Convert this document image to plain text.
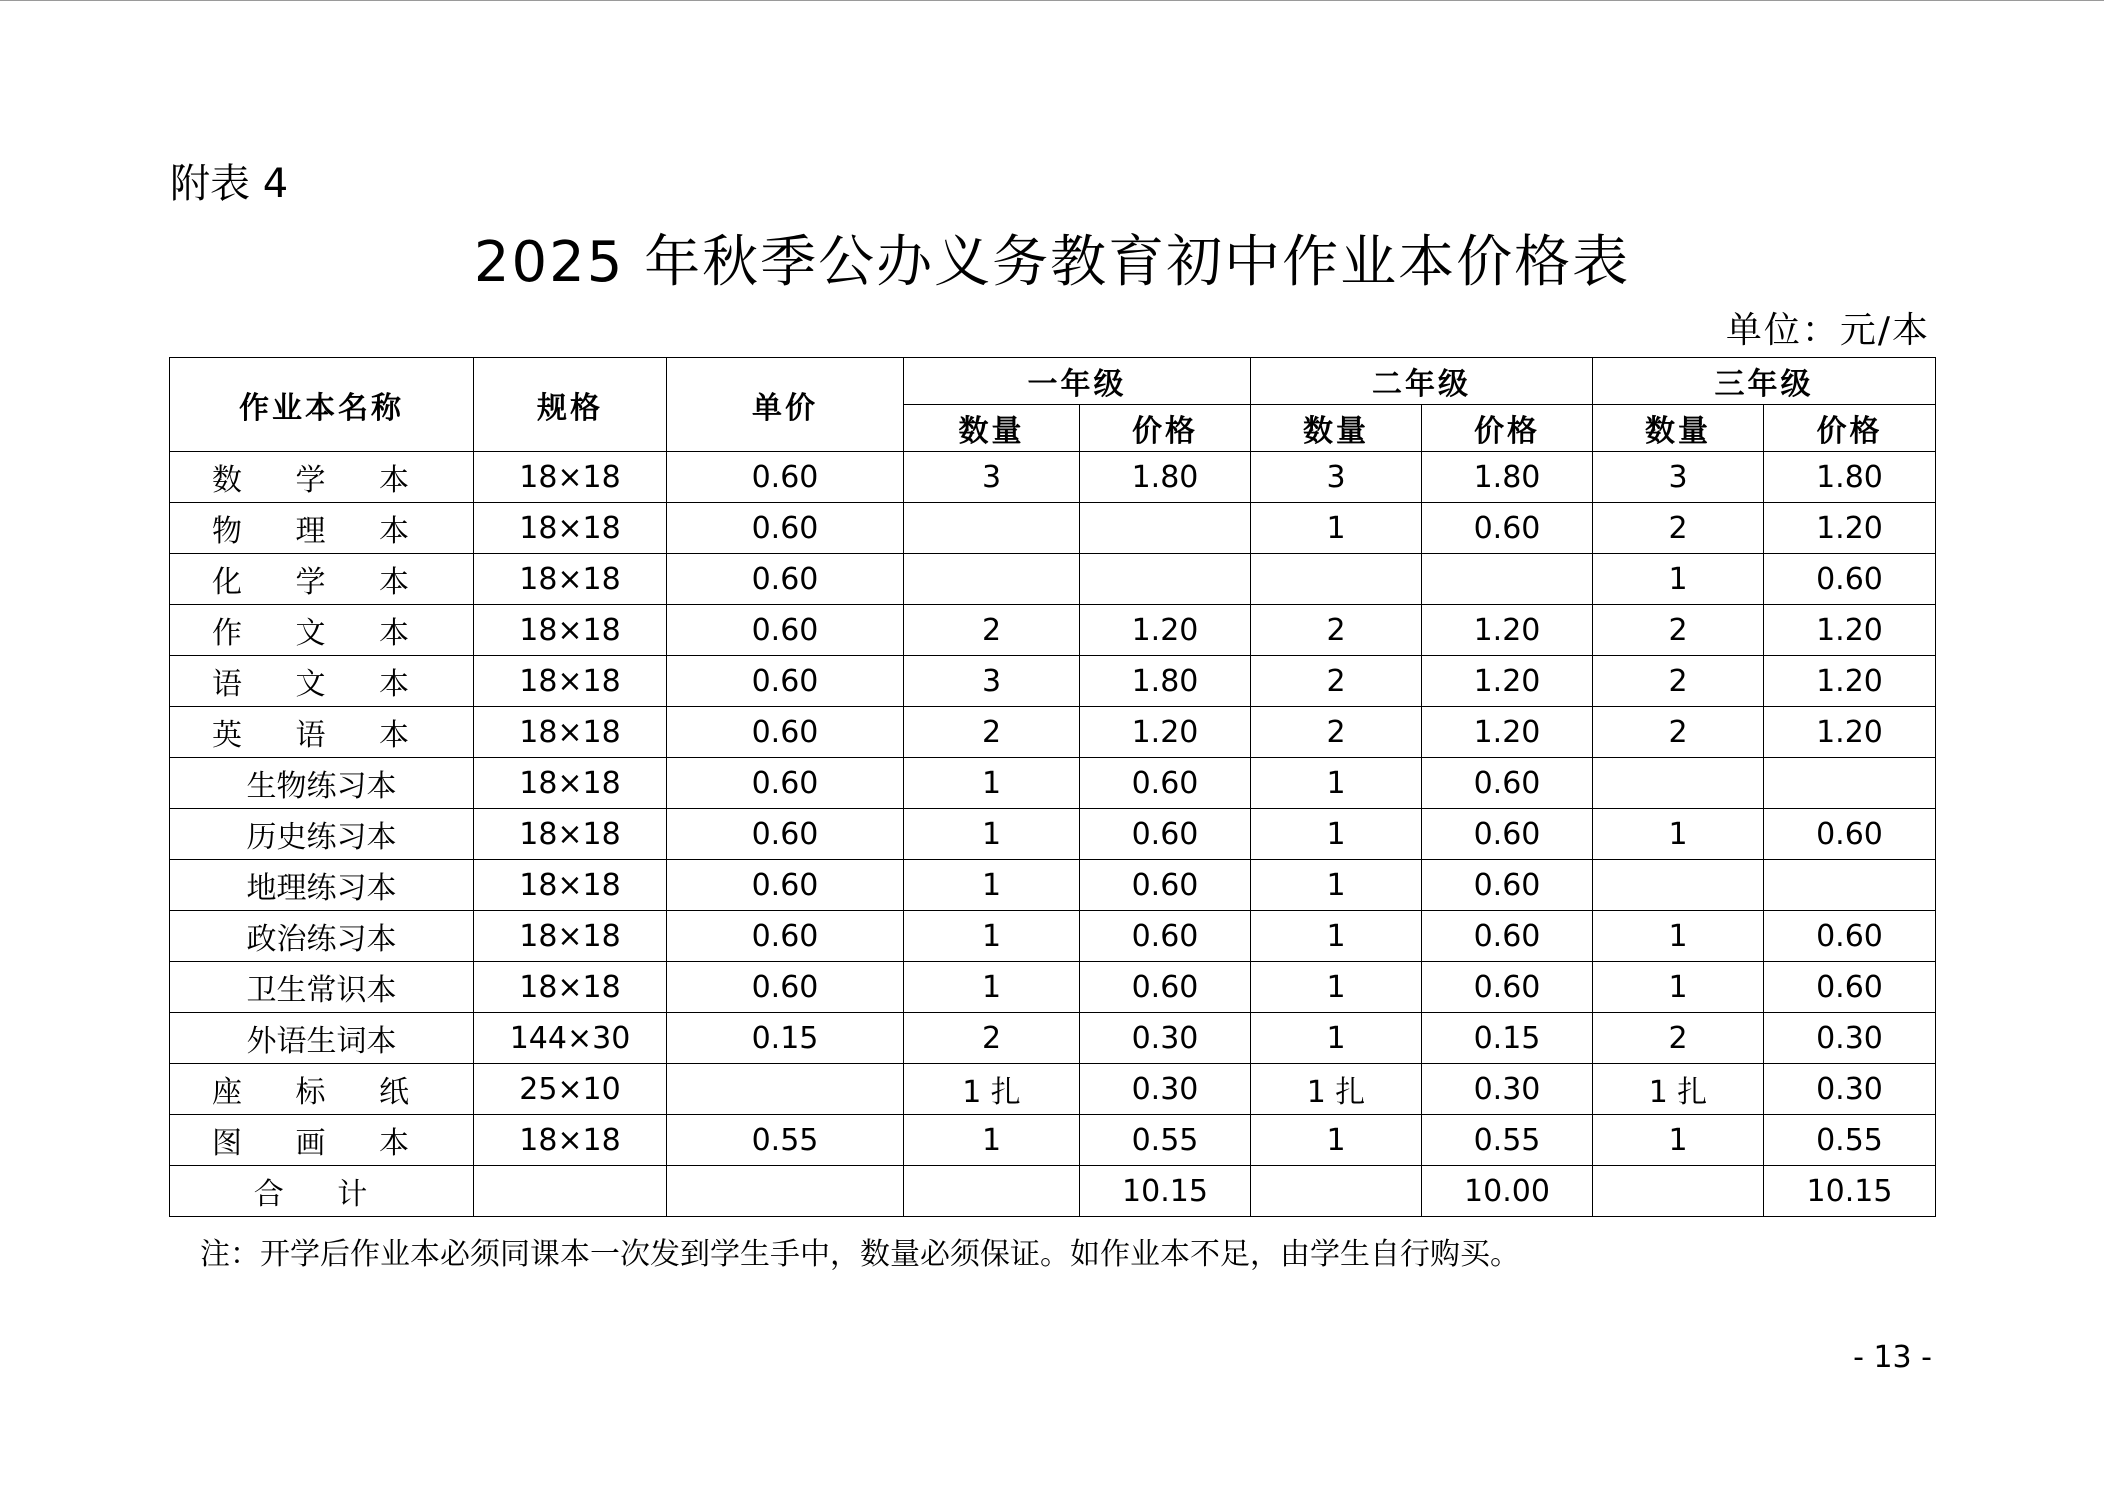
附表 4
2025 年秋季公办义务教育初中作业本价格表
单位：元/本
作业本名称	规格	单价	一年级		二年级		三年级	
			数量	价格	数量	价格	数量	价格
数 学 本	18×18	0.60	3	1.80	3	1.80	3	1.80
物 理 本	18×18	0.60			1	0.60	2	1.20
化 学 本	18×18	0.60					1	0.60
作 文 本	18×18	0.60	2	1.20	2	1.20	2	1.20
语 文 本	18×18	0.60	3	1.80	2	1.20	2	1.20
英 语 本	18×18	0.60	2	1.20	2	1.20	2	1.20
生物练习本	18×18	0.60	1	0.60	1	0.60		
历史练习本	18×18	0.60	1	0.60	1	0.60	1	0.60
地理练习本	18×18	0.60	1	0.60	1	0.60		
政治练习本	18×18	0.60	1	0.60	1	0.60	1	0.60
卫生常识本	18×18	0.60	1	0.60	1	0.60	1	0.60
外语生词本	144×30	0.15	2	0.30	1	0.15	2	0.30
座 标 纸	25×10		1 扎	0.30	1 扎	0.30	1 扎	0.30
图 画 本	18×18	0.55	1	0.55	1	0.55	1	0.55
合 计				10.15		10.00		10.15
注：开学后作业本必须同课本一次发到学生手中，数量必须保证。如作业本不足，由学生自行购买。
- 13 -
